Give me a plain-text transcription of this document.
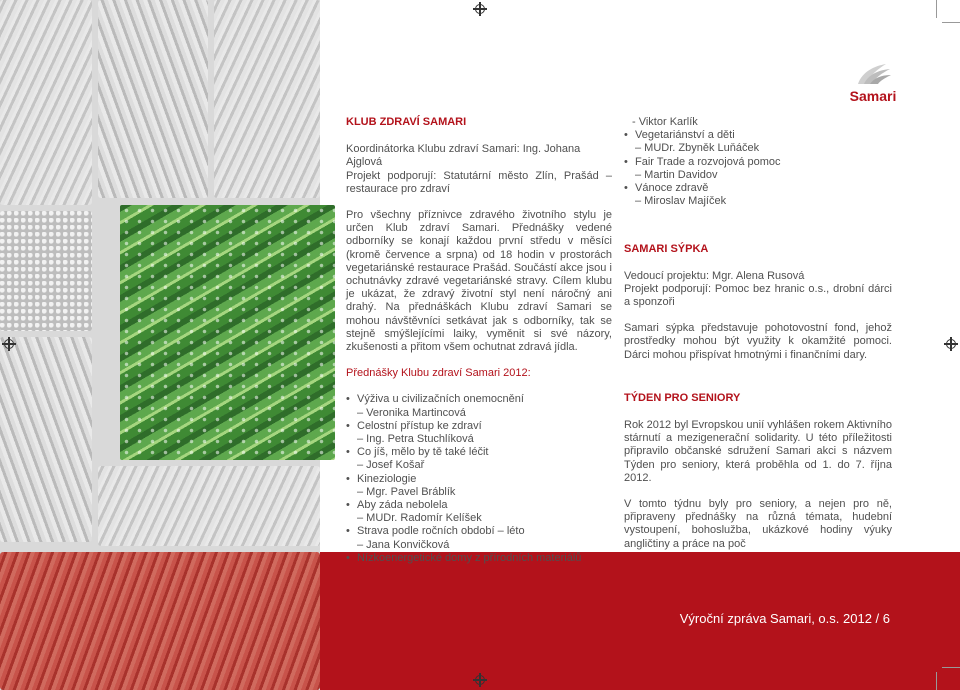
Výroční zpráva Samari, o.s. 2012 / 6
Samari

KLUB ZDRAVÍ SAMARI

Koordinátorka Klubu zdraví Samari: Ing. Johana Ajglová

Projekt podporují: Statutární město Zlín, Prašád – restaurace pro zdraví

Pro všechny příznivce zdravého životního stylu je určen Klub zdraví Samari. Přednášky vedené odborníky se konají každou první středu v měsíci (kromě července a srpna) od 18 hodin v prostorách vegetariánské restaurace Prašád. Součástí akce jsou i ochutnávky zdravé vegetariánské stravy. Cílem klubu je ukázat, že zdravý životní styl není náročný ani drahý. Na přednáškách Klubu zdraví Samari se mohou návštěvníci setkávat jak s odborníky, tak se stejně smýšlejícími laiky, vyměnit si své názory, zkušenosti a přitom všem ochutnat zdravá jídla.

Přednášky Klubu zdraví Samari 2012:

• Výživa u civilizačních onemocnění
– Veronika Martincová
• Celostní přístup ke zdraví
– Ing. Petra Stuchlíková
• Co jíš, mělo by tě také léčit
– Josef Košař
• Kineziologie
– Mgr. Pavel Bráblík
• Aby záda nebolela
– MUDr. Radomír Kelíšek
• Strava podle ročních období – léto
– Jana Konvičková
• Nízkoenergetické domy z přírodních materiálů

- Viktor Karlík

• Vegetariánství a děti
– MUDr. Zbyněk Luňáček
• Fair Trade a rozvojová pomoc
– Martin Davidov
• Vánoce zdravě
– Miroslav Majíček

SAMARI SÝPKA

Vedoucí projektu: Mgr. Alena Rusová

Projekt podporují: Pomoc bez hranic o.s., drobní dárci a sponzoři

Samari sýpka představuje pohotovostní fond, jehož prostředky mohou být využity k okamžité pomoci. Dárci mohou přispívat hmotnými i finančními dary.

TÝDEN PRO SENIORY

Rok 2012 byl Evropskou unií vyhlášen rokem Aktivního stárnutí a mezigenerační solidarity. U této příležitosti připravilo občanské sdružení Samari akci s názvem Týden pro seniory, která proběhla od 1. do 7. října 2012.

V tomto týdnu byly pro seniory, a nejen pro ně, připraveny přednášky na různá témata, hudební vystoupení, bohoslužba, ukázkové hodiny výuky angličtiny a práce na poč
